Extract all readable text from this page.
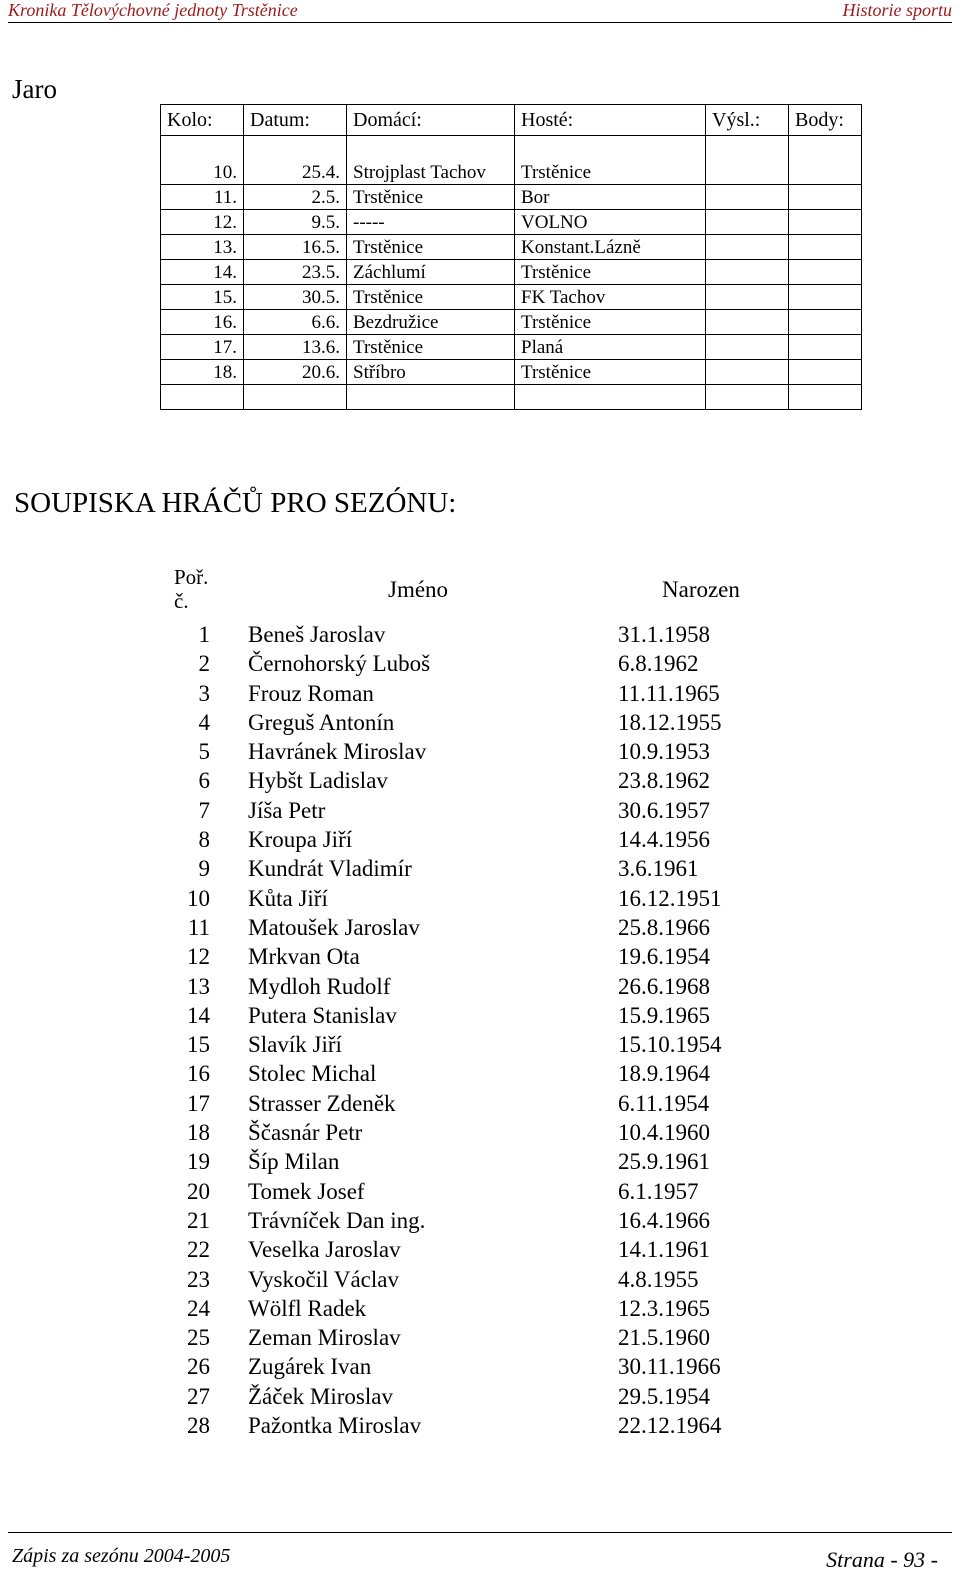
Kronika Tělovýchovné jednoty Trstěnice	Historie sportu
Jaro
Kolo:	Datum:	Domácí:	Hosté:	Výsl.:	Body:
10.	25.4.	Strojplast Tachov	Trstěnice		
11.	2.5.	Trstěnice	Bor		
12.	9.5.	-----	VOLNO		
13.	16.5.	Trstěnice	Konstant.Lázně		
14.	23.5.	Záchlumí	Trstěnice		
15.	30.5.	Trstěnice	FK Tachov		
16.	6.6.	Bezdružice	Trstěnice		
17.	13.6.	Trstěnice	Planá		
18.	20.6.	Stříbro	Trstěnice		

SOUPISKA HRÁČŮ PRO SEZÓNU:
Poř. č.	Jméno	Narozen
1 Beneš Jaroslav	31.1.1958
2 Černohorský Luboš	6.8.1962
3 Frouz Roman	11.11.1965
4 Greguš Antonín	18.12.1955
5 Havránek Miroslav	10.9.1953
6 Hybšt Ladislav	23.8.1962
7 Jíša Petr	30.6.1957
8 Kroupa Jiří	14.4.1956
9 Kundrát Vladimír	3.6.1961
10 Kůta Jiří	16.12.1951
11 Matoušek Jaroslav	25.8.1966
12 Mrkvan Ota	19.6.1954
13 Mydloh Rudolf	26.6.1968
14 Putera Stanislav	15.9.1965
15 Slavík Jiří	15.10.1954
16 Stolec Michal	18.9.1964
17 Strasser Zdeněk	6.11.1954
18 Ščasnár Petr	10.4.1960
19 Šíp Milan	25.9.1961
20 Tomek Josef	6.1.1957
21 Trávníček Dan ing.	16.4.1966
22 Veselka Jaroslav	14.1.1961
23 Vyskočil Václav	4.8.1955
24 Wölfl Radek	12.3.1965
25 Zeman Miroslav	21.5.1960
26 Zugárek Ivan	30.11.1966
27 Žáček Miroslav	29.5.1954
28 Pažontka Miroslav	22.12.1964
Zápis za sezónu 2004-2005	Strana - 93 -
